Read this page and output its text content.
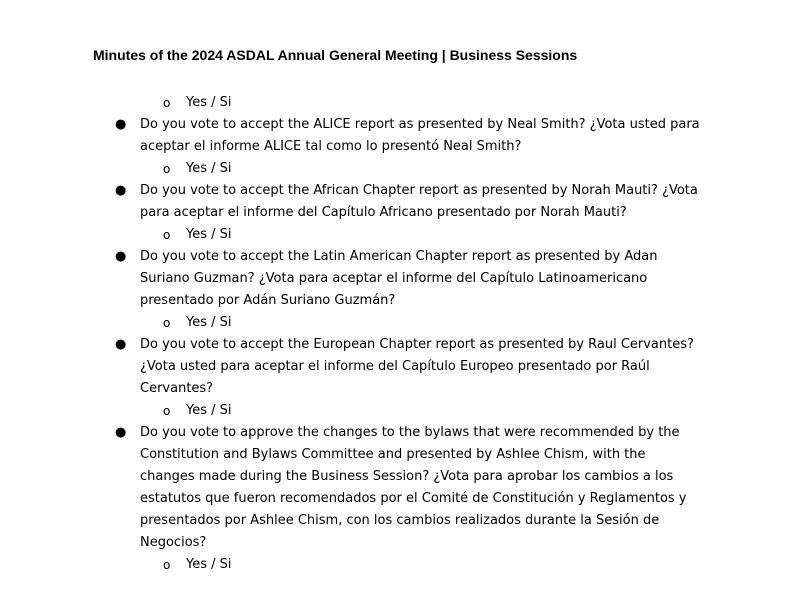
Minutes of the 2024 ASDAL Annual General Meeting | Business Sessions
o Yes / Si
● Do you vote to accept the ALICE report as presented by Neal Smith? ¿Vota usted para aceptar el informe ALICE tal como lo presentó Neal Smith?
o Yes / Si
● Do you vote to accept the African Chapter report as presented by Norah Mauti? ¿Vota para aceptar el informe del Capítulo Africano presentado por Norah Mauti?
o Yes / Si
● Do you vote to accept the Latin American Chapter report as presented by Adan Suriano Guzman? ¿Vota para aceptar el informe del Capítulo Latinoamericano presentado por Adán Suriano Guzmán?
o Yes / Si
● Do you vote to accept the European Chapter report as presented by Raul Cervantes? ¿Vota usted para aceptar el informe del Capítulo Europeo presentado por Raúl Cervantes?
o Yes / Si
● Do you vote to approve the changes to the bylaws that were recommended by the Constitution and Bylaws Committee and presented by Ashlee Chism, with the changes made during the Business Session? ¿Vota para aprobar los cambios a los estatutos que fueron recomendados por el Comité de Constitución y Reglamentos y presentados por Ashlee Chism, con los cambios realizados durante la Sesión de Negocios?
o Yes / Si
